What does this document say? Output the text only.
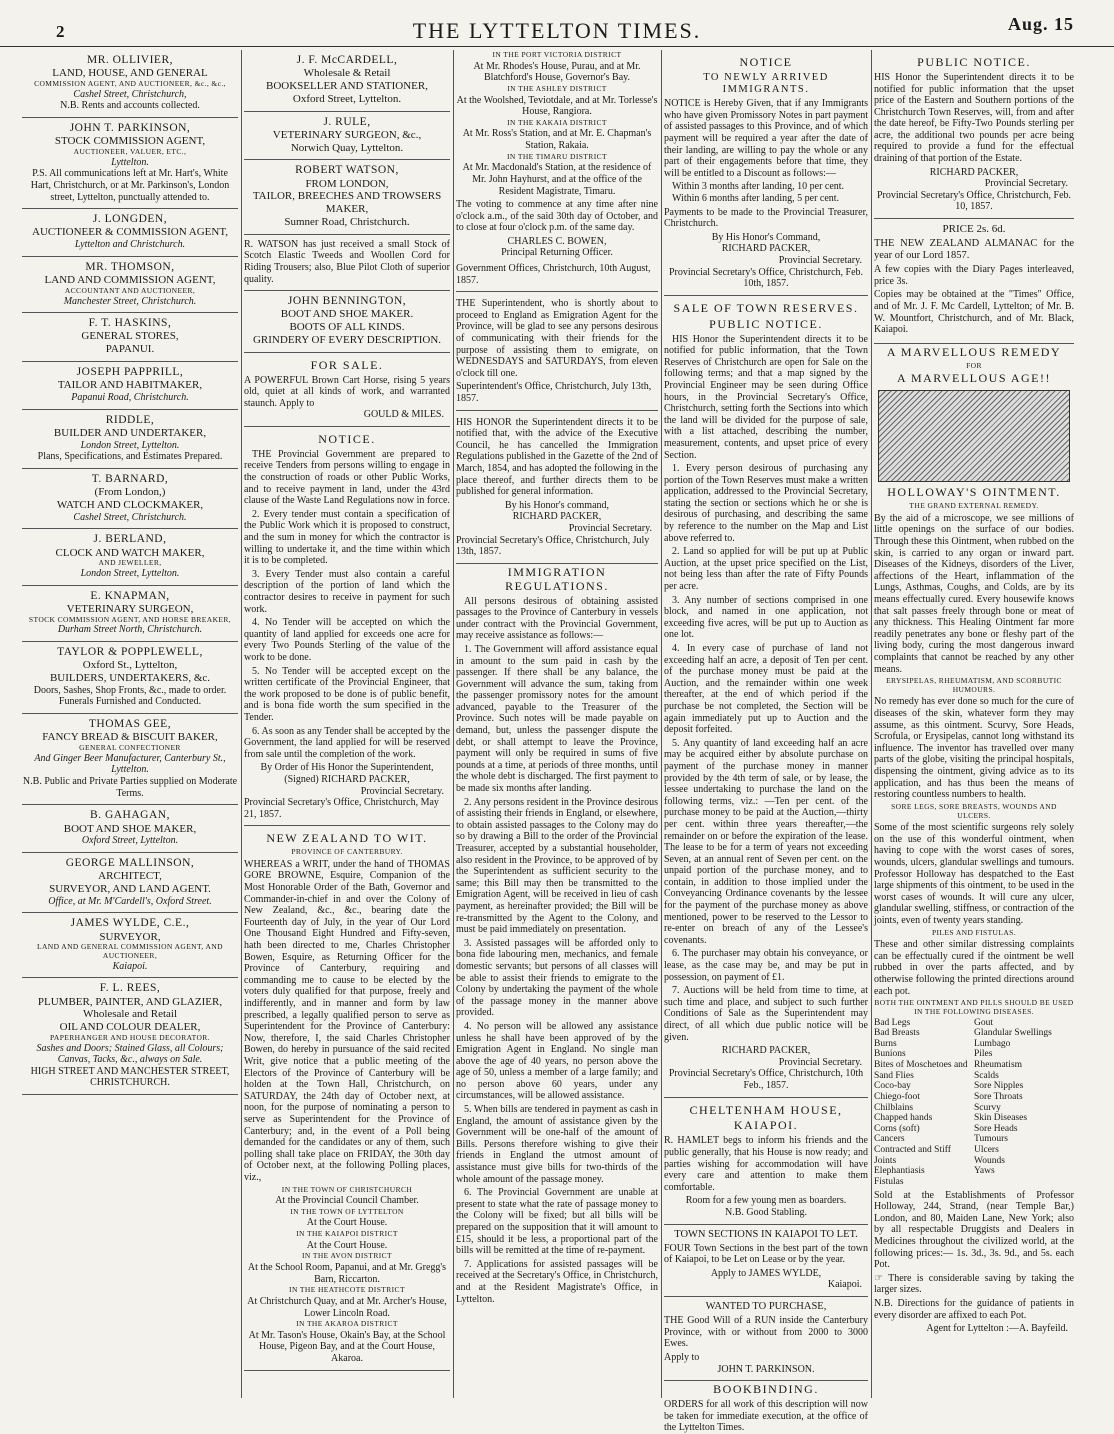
2	THE LYTTELTON TIMES.	Aug. 15
MR. OLLIVIER,
LAND, HOUSE, AND GENERAL
COMMISSION AGENT, AND AUCTIONEER, &c., &c.,
Cashel Street, Christchurch,
N.B. Rents and accounts collected.
JOHN T. PARKINSON,
STOCK COMMISSION AGENT,
AUCTIONEER, VALUER, ETC.,
Lyttelton.
P.S. All communications left at Mr. Hart's, White Hart, Christchurch, or at Mr. Parkinson's, London street, Lyttelton, punctually attended to.
J. LONGDEN,
AUCTIONEER & COMMISSION AGENT,
Lyttelton and Christchurch.
MR. THOMSON,
LAND AND COMMISSION AGENT,
ACCOUNTANT AND AUCTIONEER,
Manchester Street, Christchurch.
F. T. HASKINS,
GENERAL STORES,
PAPANUI.
JOSEPH PAPPRILL,
TAILOR AND HABITMAKER,
Papanui Road, Christchurch.
RIDDLE,
BUILDER AND UNDERTAKER,
London Street, Lyttelton.
Plans, Specifications, and Estimates Prepared.
T. BARNARD,
(From London,)
WATCH AND CLOCKMAKER,
Cashel Street, Christchurch.
J. BERLAND,
CLOCK AND WATCH MAKER,
AND JEWELLER,
London Street, Lyttelton.
E. KNAPMAN,
VETERINARY SURGEON,
STOCK COMMISSION AGENT, AND HORSE BREAKER,
Durham Street North, Christchurch.
TAYLOR & POPPLEWELL,
Oxford St., Lyttelton,
BUILDERS, UNDERTAKERS, &c.
Doors, Sashes, Shop Fronts, &c., made to order. Funerals Furnished and Conducted.
THOMAS GEE,
FANCY BREAD & BISCUIT BAKER,
GENERAL CONFECTIONER
And Ginger Beer Manufacturer, Canterbury St., Lyttelton.
N.B. Public and Private Parties supplied on Moderate Terms.
B. GAHAGAN,
BOOT AND SHOE MAKER,
Oxford Street, Lyttelton.
GEORGE MALLINSON,
ARCHITECT,
SURVEYOR, AND LAND AGENT.
Office, at Mr. M'Cardell's, Oxford Street.
JAMES WYLDE, C.E.,
SURVEYOR,
LAND AND GENERAL COMMISSION AGENT, AND AUCTIONEER,
Kaiapoi.
F. L. REES,
PLUMBER, PAINTER, AND GLAZIER,
Wholesale and Retail
OIL AND COLOUR DEALER,
PAPERHANGER AND HOUSE DECORATOR.
Sashes and Doors; Stained Glass, all Colours; Canvas, Tacks, &c., always on Sale.
HIGH STREET AND MANCHESTER STREET, CHRISTCHURCH.
J. F. McCARDELL,
Wholesale & Retail
BOOKSELLER AND STATIONER,
Oxford Street, Lyttelton.
J. RULE,
VETERINARY SURGEON, &c.,
Norwich Quay, Lyttelton.
ROBERT WATSON,
FROM LONDON,
TAILOR, BREECHES AND TROWSERS MAKER,
Sumner Road, Christchurch.
R. WATSON has just received a small Stock of Scotch Elastic Tweeds and Woollen Cord for Riding Trousers; also, Blue Pilot Cloth of superior quality.
JOHN BENNINGTON,
BOOT AND SHOE MAKER.
BOOTS OF ALL KINDS.
GRINDERY OF EVERY DESCRIPTION.
FOR SALE.
A POWERFUL Brown Cart Horse, rising 5 years old, quiet at all kinds of work, and warranted staunch. Apply to
GOULD & MILES.
NOTICE.

THE Provincial Government are prepared to receive Tenders from persons willing to engage in the construction of roads or other Public Works, and to receive payment in land, under the 43rd clause of the Waste Land Regulations now in force.

2. Every tender must contain a specification of the Public Work which it is proposed to construct, and the sum in money for which the contractor is willing to undertake it, and the time within which it is to be completed.

3. Every Tender must also contain a careful description of the portion of land which the contractor desires to receive in payment for such work.

4. No Tender will be accepted on which the quantity of land applied for exceeds one acre for every Two Pounds Sterling of the value of the work to be done.

5. No Tender will be accepted except on the written certificate of the Provincial Engineer, that the work proposed to be done is of public benefit, and is bona fide worth the sum specified in the Tender.

6. As soon as any Tender shall be accepted by the Government, the land applied for will be reserved from sale until the completion of the work.

By Order of His Honor the Superintendent,
(Signed) RICHARD PACKER,
Provincial Secretary.
Provincial Secretary's Office, Christchurch, May 21, 1857.
NEW ZEALAND TO WIT.
PROVINCE OF CANTERBURY.
WHEREAS a WRIT, under the hand of THOMAS GORE BROWNE, Esquire, Companion of the Most Honorable Order of the Bath, Governor and Commander-in-chief in and over the Colony of New Zealand, &c., &c., bearing date the Fourteenth day of July, in the year of Our Lord One Thousand Eight Hundred and Fifty-seven, hath been directed to me, Charles Christopher Bowen, Esquire, as Returning Officer for the Province of Canterbury, requiring and commanding me to cause to be elected by the voters duly qualified for that purpose, freely and indifferently, and in manner and form by law prescribed, a legally qualified person to serve as Superintendent for the Province of Canterbury: Now, therefore, I, the said Charles Christopher Bowen, do hereby in pursuance of the said recited Writ, give notice that a public meeting of the Electors of the Province of Canterbury will be holden at the Town Hall, Christchurch, on SATURDAY, the 24th day of October next, at noon, for the purpose of nominating a person to serve as Superintendent for the Province of Canterbury; and, in the event of a Poll being demanded for the candidates or any of them, such polling shall take place on FRIDAY, the 30th day of October next, at the following Polling places, viz.,
IN THE TOWN OF CHRISTCHURCH
At the Provincial Council Chamber.
IN THE TOWN OF LYTTELTON
At the Court House.
IN THE KAIAPOI DISTRICT
At the Court House.
IN THE AVON DISTRICT
At the School Room, Papanui, and at Mr. Gregg's Barn, Riccarton.
IN THE HEATHCOTE DISTRICT
At Christchurch Quay, and at Mr. Archer's House, Lower Lincoln Road.
IN THE AKAROA DISTRICT
At Mr. Tason's House, Okain's Bay, at the School House, Pigeon Bay, and at the Court House, Akaroa.
IN THE PORT VICTORIA DISTRICT
At Mr. Rhodes's House, Purau, and at Mr. Blatchford's House, Governor's Bay.
IN THE ASHLEY DISTRICT
At the Woolshed, Teviotdale, and at Mr. Torlesse's House, Rangiora.
IN THE KAKAIA DISTRICT
At Mr. Ross's Station, and at Mr. E. Chapman's Station, Rakaia.
IN THE TIMARU DISTRICT
At Mr. Macdonald's Station, at the residence of Mr. John Hayhurst, and at the office of the Resident Magistrate, Timaru.
The voting to commence at any time after nine o'clock a.m., of the said 30th day of October, and to close at four o'clock p.m. of the same day.
CHARLES C. BOWEN,
Principal Returning Officer.
Government Offices, Christchurch, 10th August, 1857.
THE Superintendent, who is shortly about to proceed to England as Emigration Agent for the Province, will be glad to see any persons desirous of communicating with their friends for the purpose of assisting them to emigrate, on WEDNESDAYS and SATURDAYS, from eleven o'clock till one.
Superintendent's Office, Christchurch, July 13th, 1857.
HIS HONOR the Superintendent directs it to be notified that, with the advice of the Executive Council, he has cancelled the Immigration Regulations published in the Gazette of the 2nd of March, 1854, and has adopted the following in the place thereof, and further directs them to be published for general information.
By his Honor's command,
RICHARD PACKER,
Provincial Secretary.
Provincial Secretary's Office, Christchurch, July 13th, 1857.
IMMIGRATION REGULATIONS.

All persons desirous of obtaining assisted passages to the Province of Canterbury in vessels under contract with the Provincial Government, may receive assistance as follows:—

1. The Government will afford assistance equal in amount to the sum paid in cash by the passenger. If there shall be any balance, the Government will advance the sum, taking from the passenger promissory notes for the amount advanced, payable to the Treasurer of the Province. Such notes will be made payable on demand, but, unless the passenger dispute the debt, or shall attempt to leave the Province, payment will only be required in sums of five pounds at a time, at periods of three months, until the whole debt is discharged. The first payment to be made six months after landing.

2. Any persons resident in the Province desirous of assisting their friends in England, or elsewhere, to obtain assisted passages to the Colony may do so by drawing a Bill to the order of the Provincial Treasurer, accepted by a substantial householder, also resident in the Province, to be approved of by the Superintendent as sufficient security to the same; this Bill may then be transmitted to the Emigration Agent, will be received in lieu of cash payment, as hereinafter provided; the Bill will be re-transmitted by the Agent to the Colony, and must be paid immediately on presentation.

3. Assisted passages will be afforded only to bona fide labouring men, mechanics, and female domestic servants; but persons of all classes will be able to assist their friends to emigrate to the Colony by undertaking the payment of the whole of the passage money in the manner above provided.

4. No person will be allowed any assistance unless he shall have been approved of by the Emigration Agent in England. No single man above the age of 40 years, no person above the age of 50, unless a member of a large family; and no person above 60 years, under any circumstances, will be allowed assistance.

5. When bills are tendered in payment as cash in England, the amount of assistance given by the Government will be one-half of the amount of Bills. Persons therefore wishing to give their friends in England the utmost amount of assistance must give bills for two-thirds of the whole amount of the passage money.

6. The Provincial Government are unable at present to state what the rate of passage money to the Colony will be fixed; but all bills will be prepared on the supposition that it will amount to £15, should it be less, a proportional part of the bills will be remitted at the time of re-payment.

7. Applications for assisted passages will be received at the Secretary's Office, in Christchurch, and at the Resident Magistrate's Office, in Lyttelton.

NOTICE
TO NEWLY ARRIVED IMMIGRANTS.
NOTICE is Hereby Given, that if any Immigrants who have given Promissory Notes in part payment of assisted passages to this Province, and of which payment will be required a year after the date of their landing, are willing to pay the whole or any part of their engagements before that time, they will be entitled to a Discount as follows:—
Within 3 months after landing, 10 per cent.
Within 6 months after landing, 5 per cent.
Payments to be made to the Provincial Treasurer, Christchurch.
By His Honor's Command,
RICHARD PACKER,
Provincial Secretary.
Provincial Secretary's Office, Christchurch, Feb. 10th, 1857.
SALE OF TOWN RESERVES.
PUBLIC NOTICE.

HIS Honor the Superintendent directs it to be notified for public information, that the Town Reserves of Christchurch are open for Sale on the following terms; and that a map signed by the Provincial Engineer may be seen during Office hours, in the Provincial Secretary's Office, Christchurch, setting forth the Sections into which the land will be divided for the purpose of sale, with a list attached, describing the number, measurement, contents, and upset price of every Section.

1. Every person desirous of purchasing any portion of the Town Reserves must make a written application, addressed to the Provincial Secretary, stating the section or sections which he or she is desirous of purchasing, and describing the same by reference to the number on the Map and List above referred to.

2. Land so applied for will be put up at Public Auction, at the upset price specified on the List, not being less than after the rate of Fifty Pounds per acre.

3. Any number of sections comprised in one block, and named in one application, not exceeding five acres, will be put up to Auction as one lot.

4. In every case of purchase of land not exceeding half an acre, a deposit of Ten per cent. of the purchase money must be paid at the Auction, and the remainder within one week thereafter, at the end of which period if the purchase be not completed, the Section will be again immediately put up to Auction and the deposit forfeited.

5. Any quantity of land exceeding half an acre may be acquired either by absolute purchase on payment of the purchase money in manner provided by the 4th term of sale, or by lease, the lessee undertaking to purchase the land on the following terms, viz.: —Ten per cent. of the purchase money to be paid at the Auction,—thirty per cent. within three years thereafter,—the remainder on or before the expiration of the lease. The lease to be for a term of years not exceeding Seven, at an annual rent of Seven per cent. on the unpaid portion of the purchase money, and to contain, in addition to those implied under the Conveyancing Ordinance covenants by the lessee for the payment of the purchase money as above mentioned, power to be reserved to the Lessor to re-enter on breach of any of the Lessee's covenants.

6. The purchaser may obtain his conveyance, or lease, as the case may be, and may be put in possession, on payment of £1.

7. Auctions will be held from time to time, at such time and place, and subject to such further Conditions of Sale as the Superintendent may direct, of all which due public notice will be given.

RICHARD PACKER,
Provincial Secretary.
Provincial Secretary's Office, Christchurch, 10th Feb., 1857.
CHELTENHAM HOUSE,
KAIAPOI.
R. HAMLET begs to inform his friends and the public generally, that his House is now ready; and parties wishing for accommodation will have every care and attention to make them comfortable.
Room for a few young men as boarders.
N.B. Good Stabling.
TOWN SECTIONS IN KAIAPOI TO LET.
FOUR Town Sections in the best part of the town of Kaiapoi, to be Let on Lease or by the year.
Apply to JAMES WYLDE,
Kaiapoi.
WANTED TO PURCHASE,
THE Good Will of a RUN inside the Canterbury Province, with or without from 2000 to 3000 Ewes.
Apply to
JOHN T. PARKINSON.
BOOKBINDING.
ORDERS for all work of this description will now be taken for immediate execution, at the office of the Lyttelton Times.
PUBLIC NOTICE.
HIS Honor the Superintendent directs it to be notified for public information that the upset price of the Eastern and Southern portions of the Christchurch Town Reserves, will, from and after the date hereof, be Fifty-Two Pounds sterling per acre, the additional two pounds per acre being required to provide a fund for the effectual draining of that portion of the Estate.
RICHARD PACKER,
Provincial Secretary.
Provincial Secretary's Office, Christchurch, Feb. 10, 1857.
PRICE 2s. 6d.
THE NEW ZEALAND ALMANAC for the year of our Lord 1857.
A few copies with the Diary Pages interleaved, price 3s.
Copies may be obtained at the "Times" Office, and of Mr. J. F. Mc Cardell, Lyttelton; of Mr. B. W. Mountfort, Christchurch, and of Mr. Black, Kaiapoi.
A MARVELLOUS REMEDY
FOR
A MARVELLOUS AGE!!
HOLLOWAY'S OINTMENT.
THE GRAND EXTERNAL REMEDY.
By the aid of a microscope, we see millions of little openings on the surface of our bodies. Through these this Ointment, when rubbed on the skin, is carried to any organ or inward part. Diseases of the Kidneys, disorders of the Liver, affections of the Heart, inflammation of the Lungs, Asthmas, Coughs, and Colds, are by its means effectually cured. Every housewife knows that salt passes freely through bone or meat of any thickness. This Healing Ointment far more readily penetrates any bone or fleshy part of the living body, curing the most dangerous inward complaints that cannot be reached by any other means.
ERYSIPELAS, RHEUMATISM, AND SCORBUTIC HUMOURS.
No remedy has ever done so much for the cure of diseases of the skin, whatever form they may assume, as this ointment. Scurvy, Sore Heads, Scrofula, or Erysipelas, cannot long withstand its influence. The inventor has travelled over many parts of the globe, visiting the principal hospitals, dispensing the ointment, giving advice as to its application, and has thus been the means of restoring countless numbers to health.
SORE LEGS, SORE BREASTS, WOUNDS AND ULCERS.
Some of the most scientific surgeons rely solely on the use of this wonderful ointment, when having to cope with the worst cases of sores, wounds, ulcers, glandular swellings and tumours. Professor Holloway has despatched to the East large shipments of this ointment, to be used in the worst cases of wounds. It will cure any ulcer, glandular swelling, stiffness, or contraction of the joints, even of twenty years standing.
PILES AND FISTULAS.
These and other similar distressing complaints can be effectually cured if the ointment be well rubbed in over the parts affected, and by otherwise following the printed directions around each pot.
BOTH THE OINTMENT AND PILLS SHOULD BE USED IN THE FOLLOWING DISEASES.
Bad Legs
Bad Breasts
Burns
Bunions
Bites of Moschetoes and Sand Flies
Coco-bay
Chiego-foot
Chilblains
Chapped hands
Corns (soft)
Cancers
Contracted and Stiff Joints
Elephantiasis
Fistulas
Gout
Glandular Swellings
Lumbago
Piles
Rheumatism
Scalds
Sore Nipples
Sore Throats
Scurvy
Skin Diseases
Sore Heads
Tumours
Ulcers
Wounds
Yaws
Sold at the Establishments of Professor Holloway, 244, Strand, (near Temple Bar,) London, and 80, Maiden Lane, New York; also by all respectable Druggists and Dealers in Medicines throughout the civilized world, at the following prices:— 1s. 3d., 3s. 9d., and 5s. each Pot.
☞ There is considerable saving by taking the larger sizes.
N.B. Directions for the guidance of patients in every disorder are affixed to each Pot.
Agent for Lyttelton :—A. Bayfeild.
